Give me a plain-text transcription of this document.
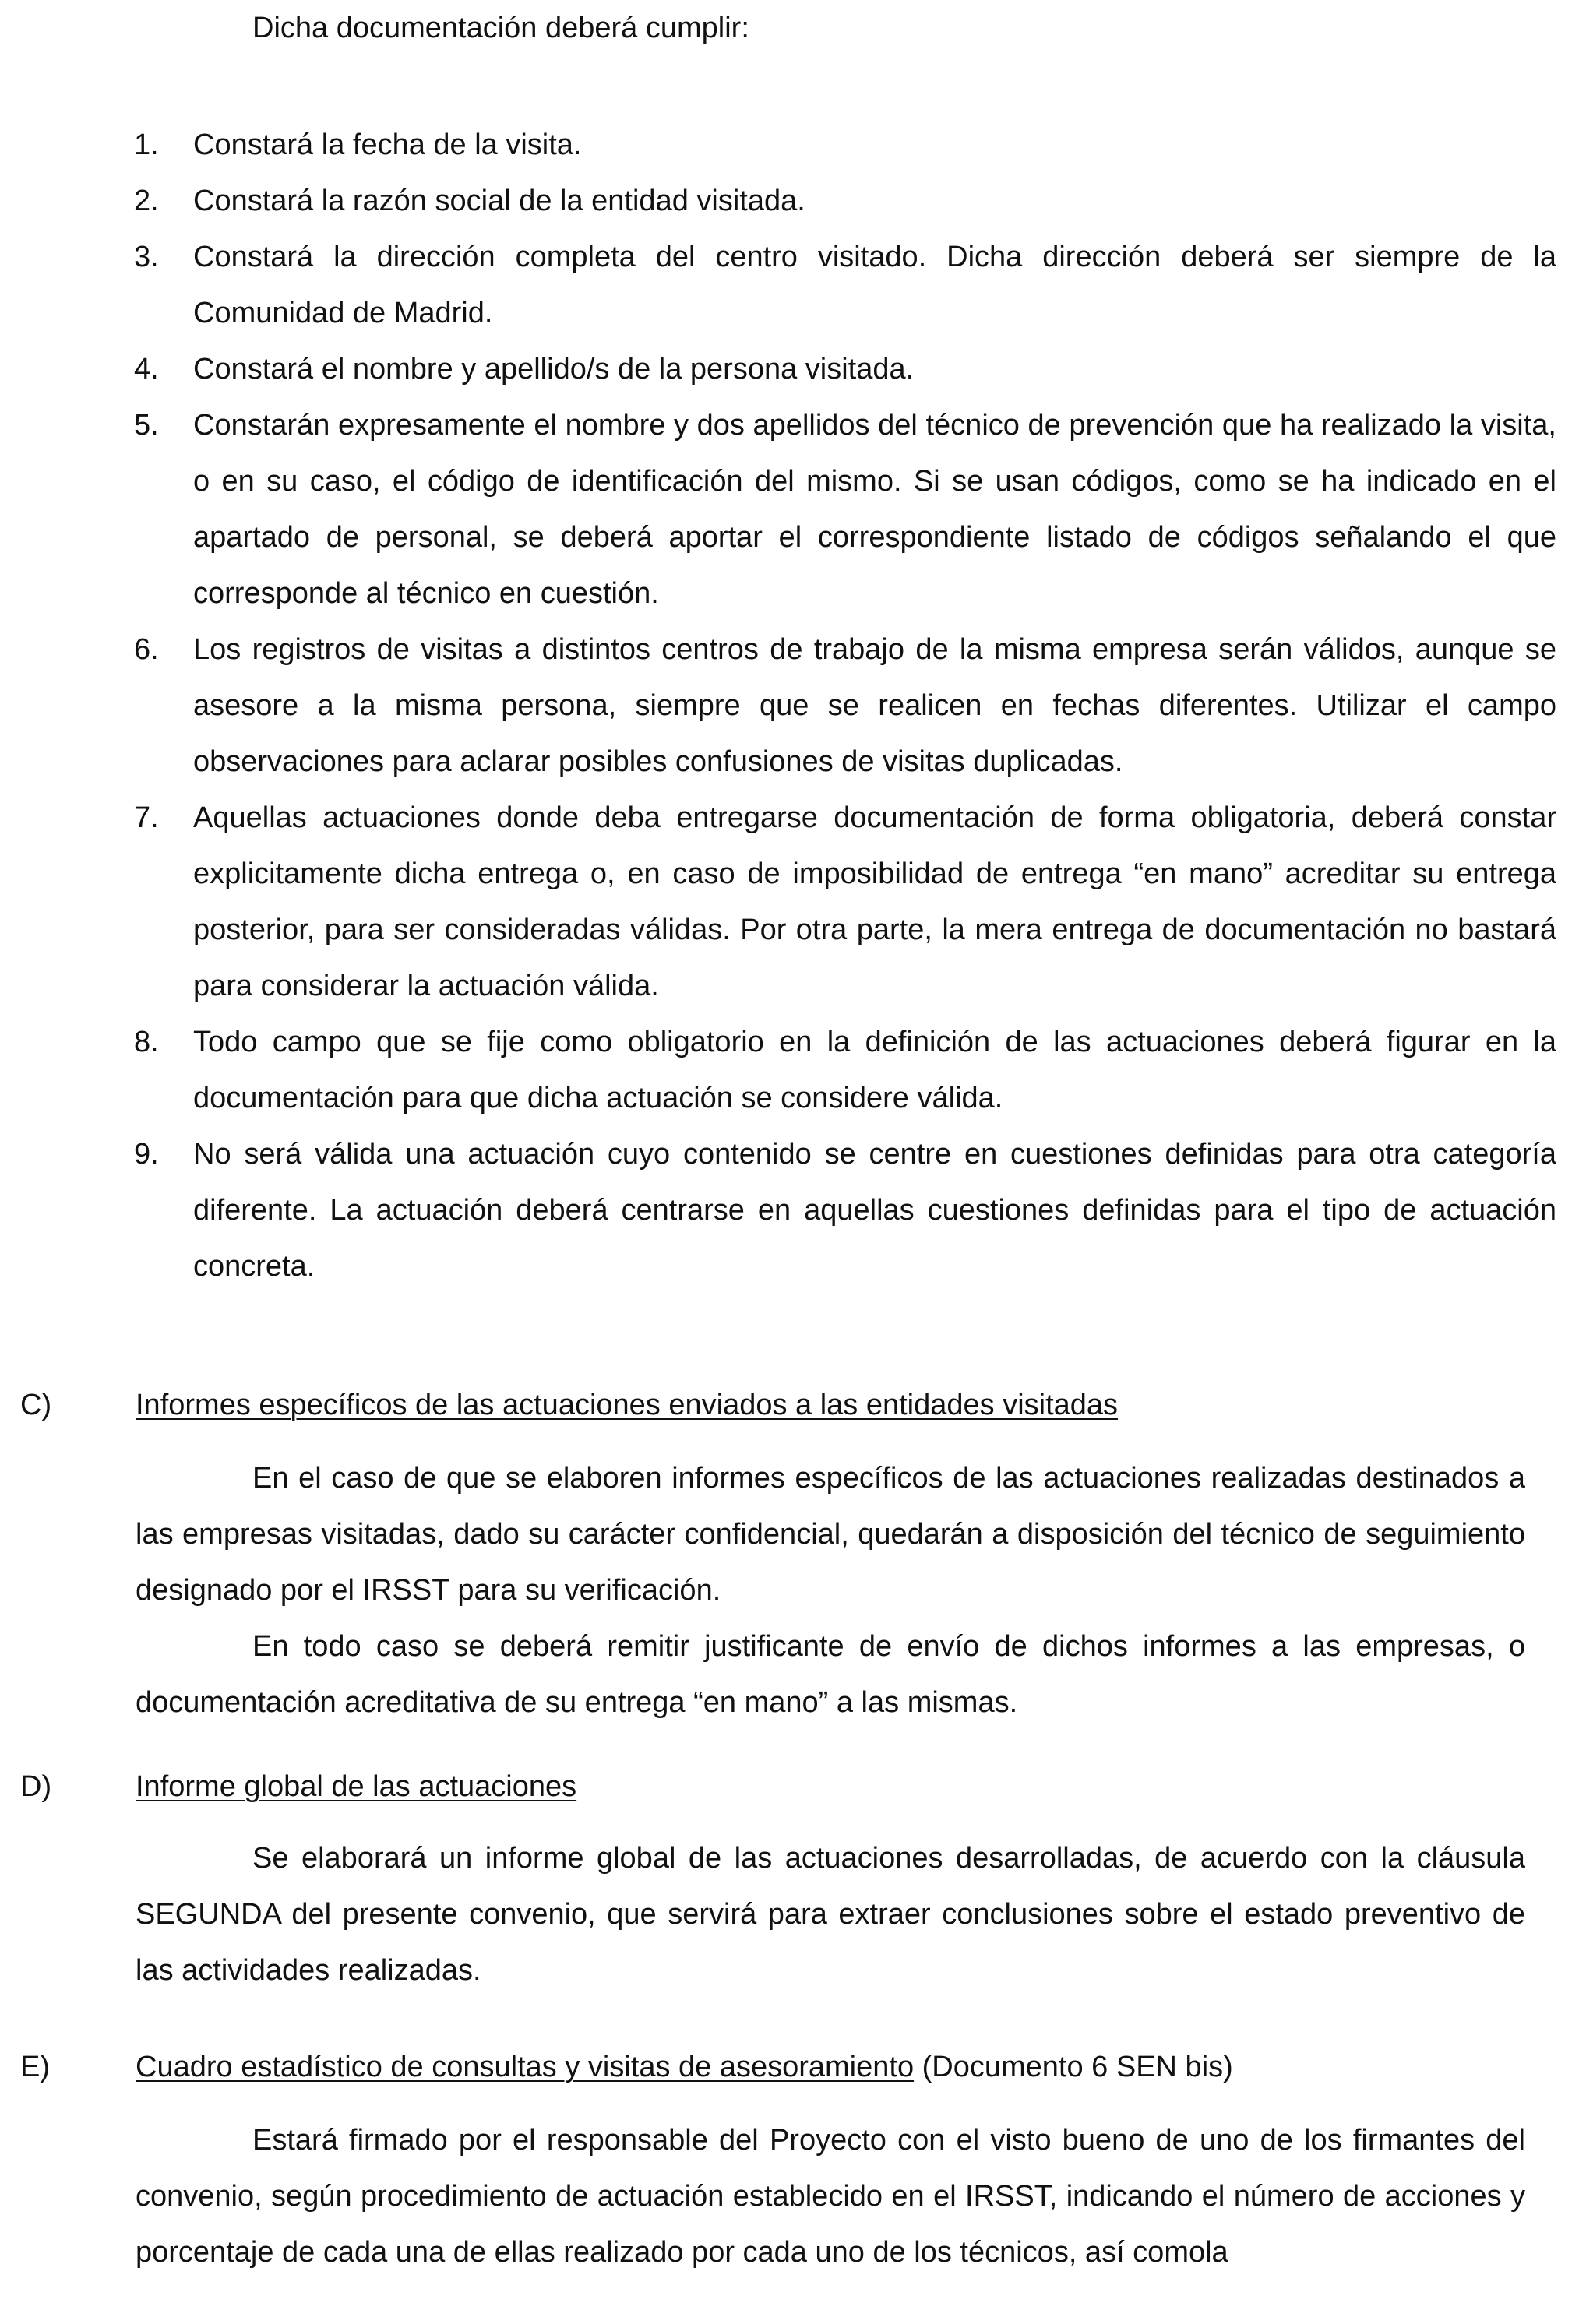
Dicha documentación deberá cumplir:
1.	Constará la fecha de la visita.
2.	Constará la razón social de la entidad visitada.
3.	Constará la dirección completa del centro visitado. Dicha dirección deberá ser siempre de la Comunidad de Madrid.
4.	Constará el nombre y apellido/s de la persona visitada.
5.	Constarán expresamente el nombre y dos apellidos del técnico de prevención que ha realizado la visita, o en su caso, el código de identificación del mismo. Si se usan códigos, como se ha indicado en el apartado de personal, se deberá aportar el correspondiente listado de códigos señalando el que corresponde al técnico en cuestión.
6.	Los registros de visitas a distintos centros de trabajo de la misma empresa serán válidos, aunque se asesore a la misma persona, siempre que se realicen en fechas diferentes. Utilizar el campo observaciones para aclarar posibles confusiones de visitas duplicadas.
7.	Aquellas actuaciones donde deba entregarse documentación de forma obligatoria, deberá constar explicitamente dicha entrega o, en caso de imposibilidad de entrega “en mano” acreditar su entrega posterior, para ser consideradas válidas. Por otra parte, la mera entrega de documentación no bastará para considerar la actuación válida.
8.	Todo campo que se fije como obligatorio en la definición de las actuaciones deberá figurar en la documentación para que dicha actuación se considere válida.
9.	No será válida una actuación cuyo contenido se centre en cuestiones definidas para otra categoría diferente. La actuación deberá centrarse en aquellas cuestiones definidas para el tipo de actuación concreta.
C)	Informes específicos de las actuaciones enviados a las entidades visitadas
En el caso de que se elaboren informes específicos de las actuaciones realizadas destinados a las empresas visitadas, dado su carácter confidencial, quedarán a disposición del técnico de seguimiento designado por el IRSST para su verificación.
En todo caso se deberá remitir justificante de envío de dichos informes a las empresas, o documentación acreditativa de su entrega “en mano” a las mismas.
D)	Informe global de las actuaciones
Se elaborará un informe global de las actuaciones desarrolladas, de acuerdo con la cláusula SEGUNDA del presente convenio, que servirá para extraer conclusiones sobre el estado preventivo de las actividades realizadas.
E)	Cuadro estadístico de consultas y visitas de asesoramiento (Documento 6 SEN bis)
Estará firmado por el responsable del Proyecto con el visto bueno de uno de los firmantes del convenio, según procedimiento de actuación establecido en el IRSST, indicando el número de acciones y porcentaje de cada una de ellas realizado por cada uno de los técnicos, así comola
